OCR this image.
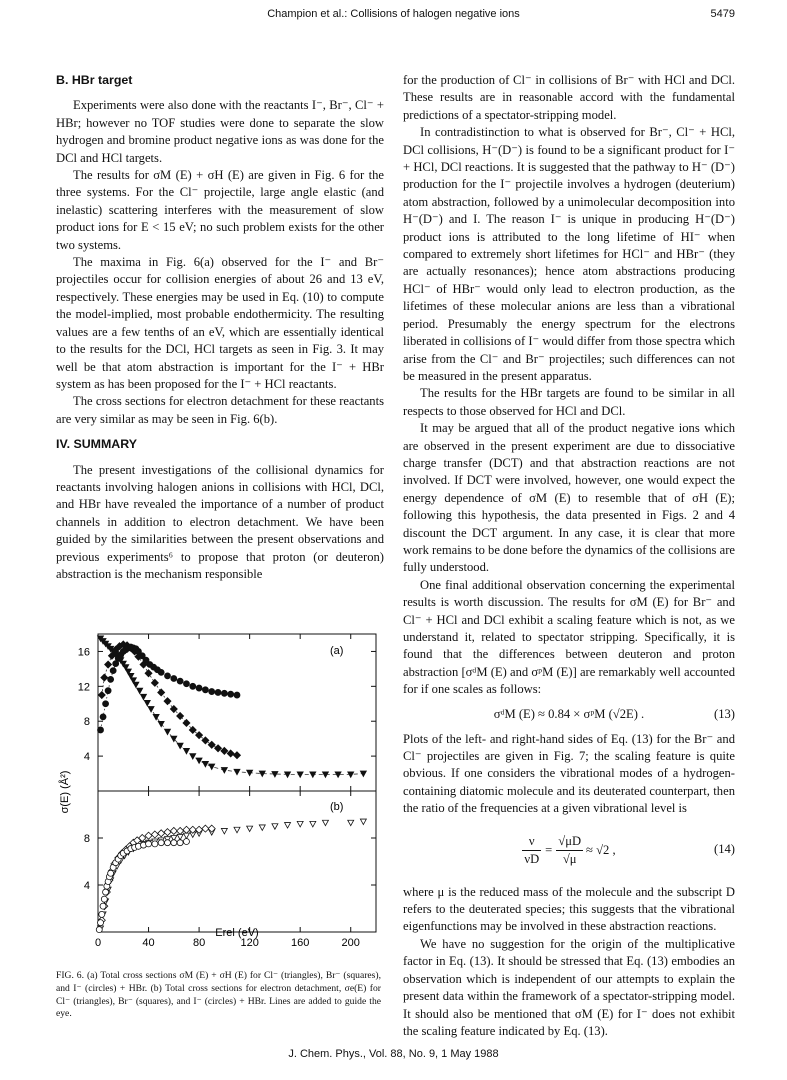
Champion et al.: Collisions of halogen negative ions	5479
B. HBr target

Experiments were also done with the reactants I⁻, Br⁻, Cl⁻ + HBr; however no TOF studies were done to separate the slow hydrogen and bromine product negative ions as was done for the DCl and HCl targets.

The results for σM (E) + σH (E) are given in Fig. 6 for the three systems. For the Cl⁻ projectile, large angle elastic (and inelastic) scattering interferes with the measurement of slow product ions for E < 15 eV; no such problem exists for the other two systems.

The maxima in Fig. 6(a) observed for the I⁻ and Br⁻ projectiles occur for collision energies of about 26 and 13 eV, respectively. These energies may be used in Eq. (10) to compute the model-implied, most probable endothermicity. The resulting values are a few tenths of an eV, which are essentially identical to the results for the DCl, HCl targets as seen in Fig. 3. It may well be that atom abstraction is important for the I⁻ + HBr system as has been proposed for the I⁻ + HCl reactants.

The cross sections for electron detachment for these reactants are very similar as may be seen in Fig. 6(b).

IV. SUMMARY

The present investigations of the collisional dynamics for reactants involving halogen anions in collisions with HCl, DCl, and HBr have revealed the importance of a number of product channels in addition to electron detachment. We have been guided by the similarities between the present observations and previous experiments⁶ to propose that proton (or deuteron) abstraction is the mechanism responsible

16
12
8
4
0	40	80	120	160	200
8
4
(a)
(b)
σ(E) (Å²)
Erel (eV)
FIG. 6. (a) Total cross sections σM (E) + σH (E) for Cl⁻ (triangles), Br⁻ (squares), and I⁻ (circles) + HBr. (b) Total cross sections for electron detachment, σe(E) for Cl⁻ (triangles), Br⁻ (squares), and I⁻ (circles) + HBr. Lines are added to guide the eye.

for the production of Cl⁻ in collisions of Br⁻ with HCl and DCl. These results are in reasonable accord with the fundamental predictions of a spectator-stripping model.

In contradistinction to what is observed for Br⁻, Cl⁻ + HCl, DCl collisions, H⁻(D⁻) is found to be a significant product for I⁻ + HCl, DCl reactions. It is suggested that the pathway to H⁻ (D⁻) production for the I⁻ projectile involves a hydrogen (deuterium) atom abstraction, followed by a unimolecular decomposition into H⁻(D⁻) and I. The reason I⁻ is unique in producing H⁻(D⁻) product ions is attributed to the long lifetime of HI⁻ when compared to extremely short lifetimes for HCl⁻ and HBr⁻ (they are actually resonances); hence atom abstractions producing HCl⁻ of HBr⁻ would only lead to electron production, as the lifetimes of these molecular anions are less than a vibrational period. Presumably the energy spectrum for the electrons liberated in collisions of I⁻ would differ from those spectra which arise from the Cl⁻ and Br⁻ projectiles; such differences can not be measured in the present apparatus.

The results for the HBr targets are found to be similar in all respects to those observed for HCl and DCl.

It may be argued that all of the product negative ions which are observed in the present experiment are due to dissociative charge transfer (DCT) and that abstraction reactions are not involved. If DCT were involved, however, one would expect the energy dependence of σM (E) to resemble that of σH (E); following this hypothesis, the data presented in Figs. 2 and 4 discount the DCT argument. In any case, it is clear that more work remains to be done before the dynamics of the collisions are fully understood.

One final additional observation concerning the experimental results is worth discussion. The results for σM (E) for Br⁻ and Cl⁻ + HCl and DCl exhibit a scaling feature which is not, as we understand it, related to spectator stripping. Specifically, it is found that the differences between deuteron and proton abstraction [σᵈM (E) and σᵖM (E)] are remarkably well accounted for if one scales as follows:

σᵈM (E) ≈ 0.84 × σᵖM (√2E) .	(13)

Plots of the left- and right-hand sides of Eq. (13) for the Br⁻ and Cl⁻ projectiles are given in Fig. 7; the scaling feature is quite obvious. If one considers the vibrational modes of a hydrogen-containing diatomic molecule and its deuterated counterpart, then the ratio of the frequencies at a given vibrational level is

$\frac{\nu}{\nu D} = \frac{√\mu D}{√\mu} \approx √2$ ,	(14)

where μ is the reduced mass of the molecule and the subscript D refers to the deuterated species; this suggests that the vibrational eigenfunctions may be involved in these abstraction reactions.

We have no suggestion for the origin of the multiplicative factor in Eq. (13). It should be stressed that Eq. (13) embodies an observation which is independent of our attempts to explain the present data within the framework of a spectator-stripping model. It should also be mentioned that σM (E) for I⁻ does not exhibit the scaling feature indicated by Eq. (13).

J. Chem. Phys., Vol. 88, No. 9, 1 May 1988
